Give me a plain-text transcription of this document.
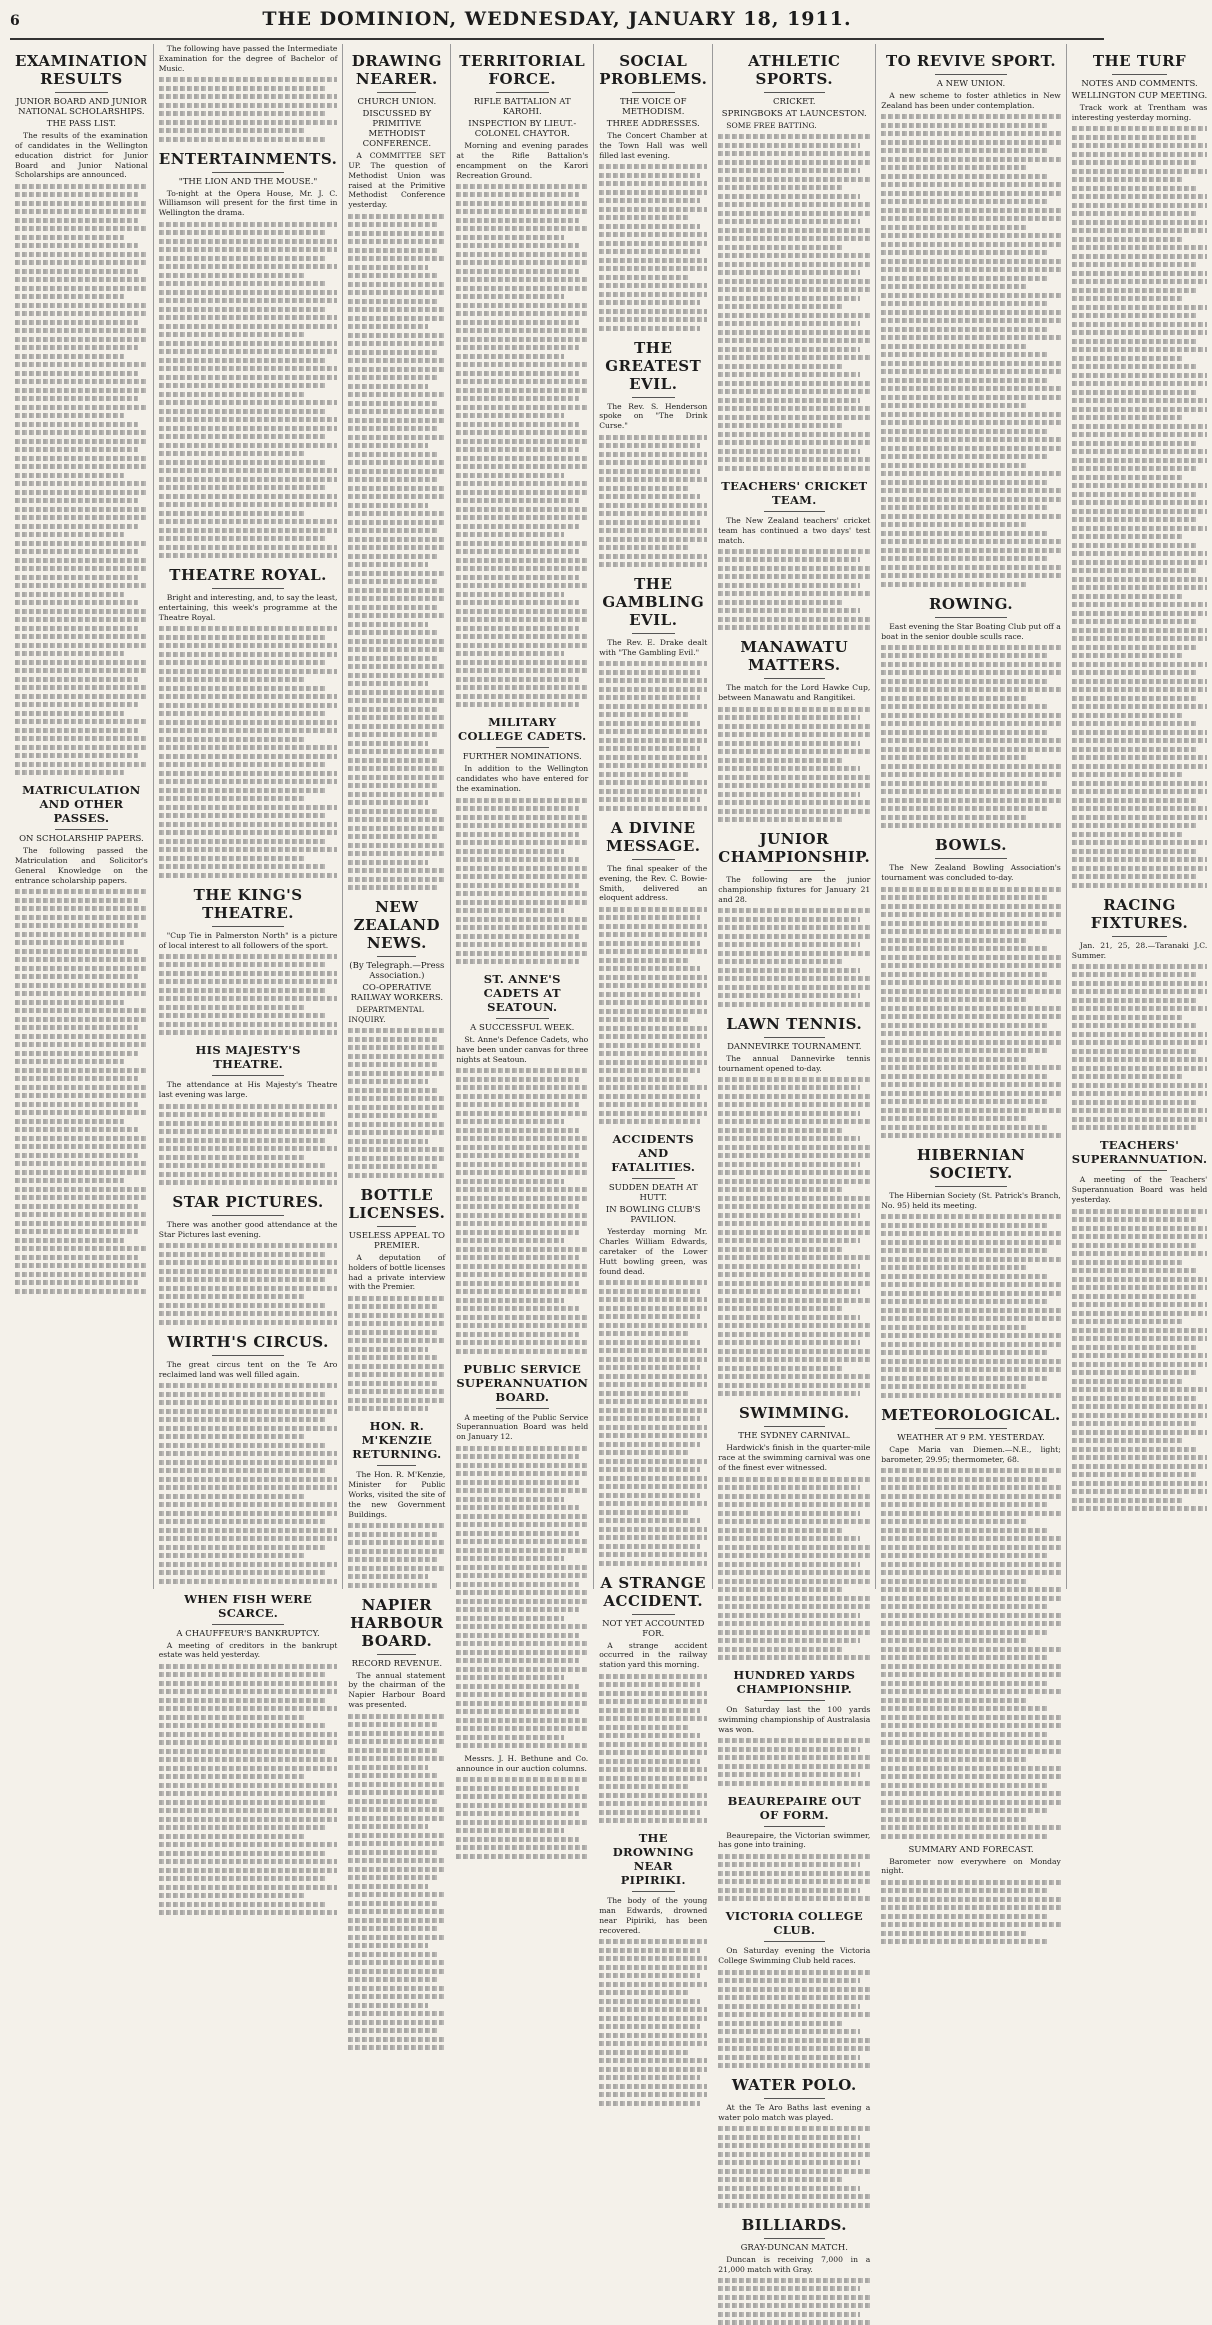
6	THE DOMINION, WEDNESDAY, JANUARY 18, 1911.
EXAMINATION RESULTS
JUNIOR BOARD AND JUNIOR NATIONAL SCHOLARSHIPS.
THE PASS LIST.

The results of the examination of candidates in the Wellington education district for Junior Board and Junior National Scholarships are announced.

MATRICULATION AND OTHER PASSES.
ON SCHOLARSHIP PAPERS.

The following passed the Matriculation and Solicitor's General Knowledge on the entrance scholarship papers.

The following have passed the Intermediate Examination for the degree of Bachelor of Music.

ENTERTAINMENTS.
"THE LION AND THE MOUSE."

To-night at the Opera House, Mr. J. C. Williamson will present for the first time in Wellington the drama.

THEATRE ROYAL.

Bright and interesting, and, to say the least, entertaining, this week's programme at the Theatre Royal.

THE KING'S THEATRE.

"Cup Tie in Palmerston North" is a picture of local interest to all followers of the sport.

HIS MAJESTY'S THEATRE.

The attendance at His Majesty's Theatre last evening was large.

STAR PICTURES.

There was another good attendance at the Star Pictures last evening.

WIRTH'S CIRCUS.

The great circus tent on the Te Aro reclaimed land was well filled again.

WHEN FISH WERE SCARCE.
A CHAUFFEUR'S BANKRUPTCY.

A meeting of creditors in the bankrupt estate was held yesterday.

DRAWING NEARER.
CHURCH UNION.
DISCUSSED BY PRIMITIVE METHODIST CONFERENCE.

A COMMITTEE SET UP. The question of Methodist Union was raised at the Primitive Methodist Conference yesterday.

NEW ZEALAND NEWS.
(By Telegraph.—Press Association.)
CO-OPERATIVE RAILWAY WORKERS.

DEPARTMENTAL INQUIRY.

BOTTLE LICENSES.
USELESS APPEAL TO PREMIER.

A deputation of holders of bottle licenses had a private interview with the Premier.

HON. R. M'KENZIE RETURNING.

The Hon. R. M'Kenzie, Minister for Public Works, visited the site of the new Government Buildings.

NAPIER HARBOUR BOARD.
RECORD REVENUE.

The annual statement by the chairman of the Napier Harbour Board was presented.

TERRITORIAL FORCE.
RIFLE BATTALION AT KAROHI.
INSPECTION BY LIEUT.-COLONEL CHAYTOR.

Morning and evening parades at the Rifle Battalion's encampment on the Karori Recreation Ground.

MILITARY COLLEGE CADETS.
FURTHER NOMINATIONS.

In addition to the Wellington candidates who have entered for the examination.

ST. ANNE'S CADETS AT SEATOUN.
A SUCCESSFUL WEEK.

St. Anne's Defence Cadets, who have been under canvas for three nights at Seatoun.

PUBLIC SERVICE SUPERANNUATION BOARD.

A meeting of the Public Service Superannuation Board was held on January 12.

Messrs. J. H. Bethune and Co. announce in our auction columns.

SOCIAL PROBLEMS.
THE VOICE OF METHODISM.
THREE ADDRESSES.

The Concert Chamber at the Town Hall was well filled last evening.

THE GREATEST EVIL.

The Rev. S. Henderson spoke on "The Drink Curse."

THE GAMBLING EVIL.

The Rev. E. Drake dealt with "The Gambling Evil."

A DIVINE MESSAGE.

The final speaker of the evening, the Rev. C. Bowie-Smith, delivered an eloquent address.

ACCIDENTS AND FATALITIES.
SUDDEN DEATH AT HUTT.
IN BOWLING CLUB'S PAVILION.

Yesterday morning Mr. Charles William Edwards, caretaker of the Lower Hutt bowling green, was found dead.

A STRANGE ACCIDENT.
NOT YET ACCOUNTED FOR.

A strange accident occurred in the railway station yard this morning.

THE DROWNING NEAR PIPIRIKI.

The body of the young man Edwards, drowned near Pipiriki, has been recovered.

ATHLETIC SPORTS.
CRICKET.
SPRINGBOKS AT LAUNCESTON.

SOME FREE BATTING.

TEACHERS' CRICKET TEAM.

The New Zealand teachers' cricket team has continued a two days' test match.

MANAWATU MATTERS.

The match for the Lord Hawke Cup, between Manawatu and Rangitikei.

JUNIOR CHAMPIONSHIP.

The following are the junior championship fixtures for January 21 and 28.

LAWN TENNIS.
DANNEVIRKE TOURNAMENT.

The annual Dannevirke tennis tournament opened to-day.

SWIMMING.
THE SYDNEY CARNIVAL.

Hardwick's finish in the quarter-mile race at the swimming carnival was one of the finest ever witnessed.

HUNDRED YARDS CHAMPIONSHIP.

On Saturday last the 100 yards swimming championship of Australasia was won.

BEAUREPAIRE OUT OF FORM.

Beaurepaire, the Victorian swimmer, has gone into training.

VICTORIA COLLEGE CLUB.

On Saturday evening the Victoria College Swimming Club held races.

WATER POLO.

At the Te Aro Baths last evening a water polo match was played.

BILLIARDS.
GRAY-DUNCAN MATCH.

Duncan is receiving 7,000 in a 21,000 match with Gray.

TO REVIVE SPORT.
A NEW UNION.

A new scheme to foster athletics in New Zealand has been under contemplation.

ROWING.

East evening the Star Boating Club put off a boat in the senior double sculls race.

BOWLS.

The New Zealand Bowling Association's tournament was concluded to-day.

HIBERNIAN SOCIETY.

The Hibernian Society (St. Patrick's Branch, No. 95) held its meeting.

METEOROLOGICAL.
WEATHER AT 9 P.M. YESTERDAY.

Cape Maria van Diemen.—N.E., light; barometer, 29.95; thermometer, 68.

SUMMARY AND FORECAST.

Barometer now everywhere on Monday night.

THE TURF
NOTES AND COMMENTS.
WELLINGTON CUP MEETING.

Track work at Trentham was interesting yesterday morning.

RACING FIXTURES.

Jan. 21, 25, 28.—Taranaki J.C. Summer.

TEACHERS' SUPERANNUATION.

A meeting of the Teachers' Superannuation Board was held yesterday.
